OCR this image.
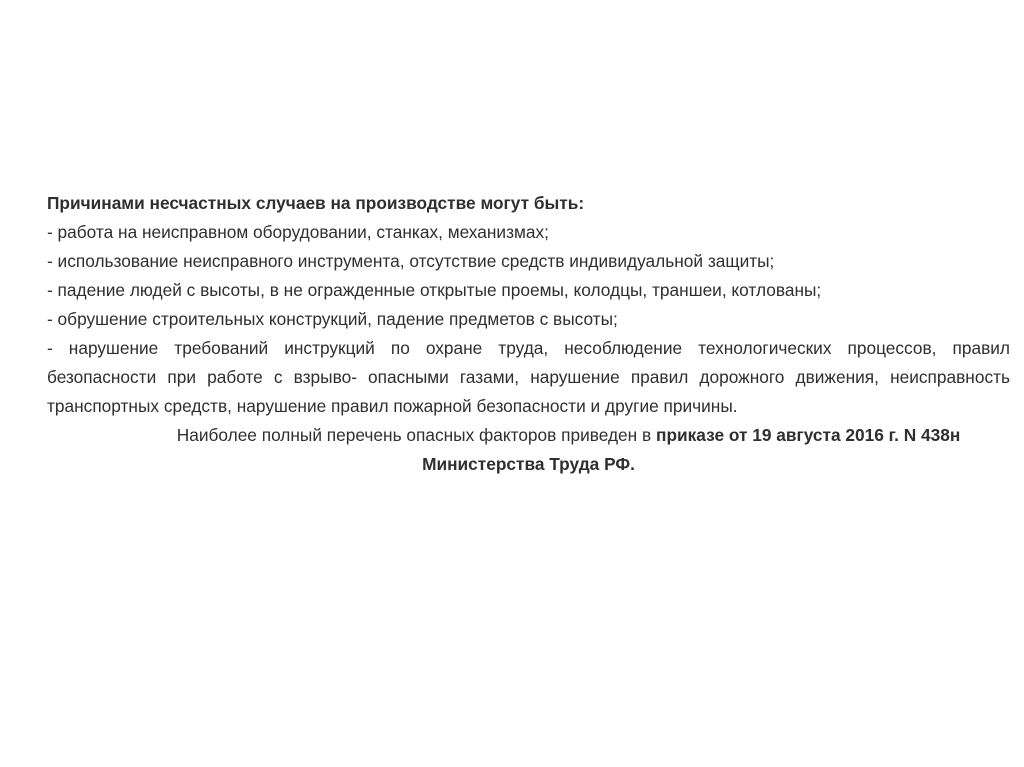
Причинами несчастных случаев на производстве могут быть:

- работа на неисправном оборудовании, станках, механизмах;

- использование неисправного инструмента, отсутствие средств индивидуальной защиты;

- падение людей с высоты, в не огражденные открытые проемы, колодцы, траншеи, котлованы;

- обрушение строительных конструкций, падение предметов с высоты;

- нарушение требований инструкций по охране труда, несоблюдение технологических процессов, правил безопасности при работе с взрыво- опасными газами, нарушение правил дорожного движения, неисправность транспортных средств, нарушение правил пожарной безопасности и другие причины.

Наиболее полный перечень опасных факторов приведен в приказе от 19 августа 2016 г. N 438н

Министерства Труда РФ.
